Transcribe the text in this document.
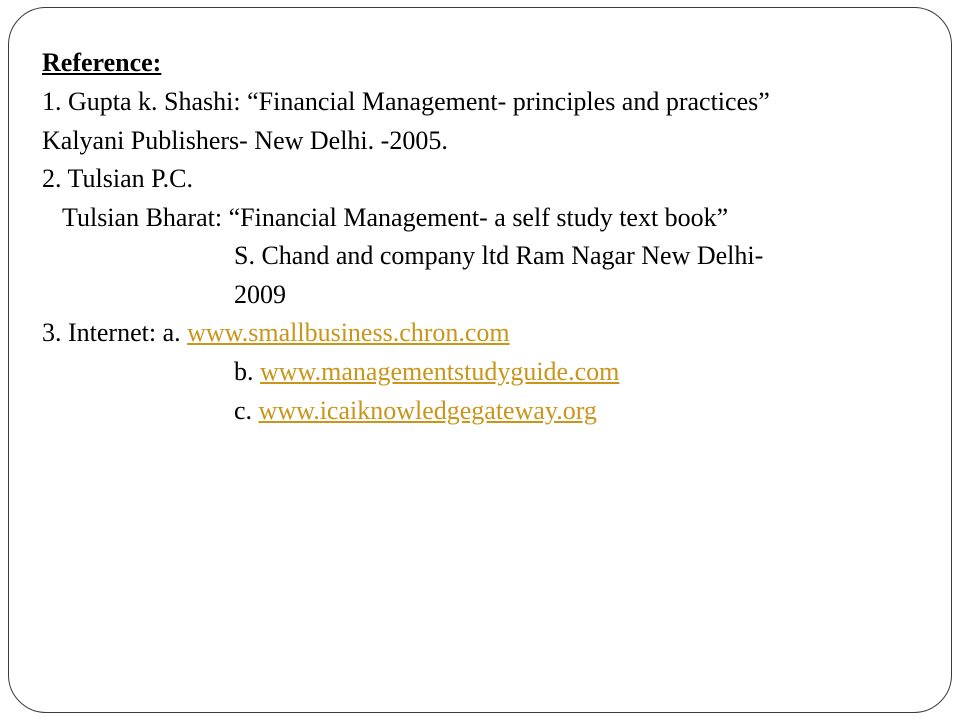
Reference:
1. Gupta k. Shashi: “Financial Management- principles and practices”
Kalyani Publishers- New Delhi. -2005.
2. Tulsian P.C.
Tulsian Bharat: “Financial Management- a self study text book”
S. Chand and company ltd Ram Nagar New Delhi-
2009
3. Internet: a. www.smallbusiness.chron.com
b. www.managementstudyguide.com
c. www.icaiknowledgegateway.org
